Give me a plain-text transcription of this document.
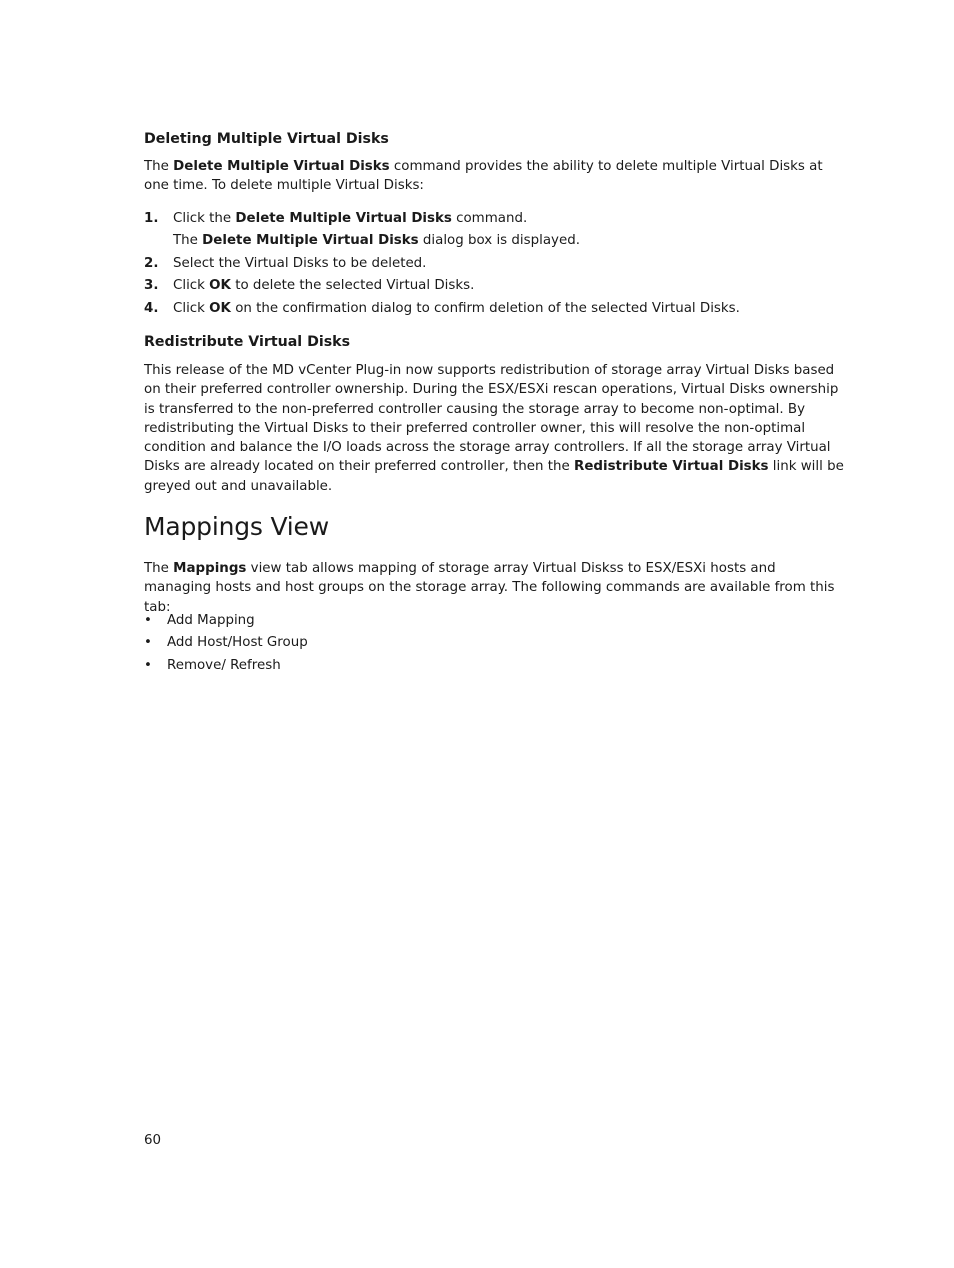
Deleting Multiple Virtual Disks

The Delete Multiple Virtual Disks command provides the ability to delete multiple Virtual Disks at one time. To delete multiple Virtual Disks:

1. Click the Delete Multiple Virtual Disks command.
The Delete Multiple Virtual Disks dialog box is displayed.
2. Select the Virtual Disks to be deleted.
3. Click OK to delete the selected Virtual Disks.
4. Click OK on the confirmation dialog to confirm deletion of the selected Virtual Disks.
Redistribute Virtual Disks

This release of the MD vCenter Plug-in now supports redistribution of storage array Virtual Disks based on their preferred controller ownership. During the ESX/ESXi rescan operations, Virtual Disks ownership is transferred to the non-preferred controller causing the storage array to become non-optimal. By redistributing the Virtual Disks to their preferred controller owner, this will resolve the non-optimal condition and balance the I/O loads across the storage array controllers. If all the storage array Virtual Disks are already located on their preferred controller, then the Redistribute Virtual Disks link will be greyed out and unavailable.

Mappings View

The Mappings view tab allows mapping of storage array Virtual Diskss to ESX/ESXi hosts and managing hosts and host groups on the storage array. The following commands are available from this tab:

• Add Mapping
• Add Host/Host Group
• Remove/ Refresh
60
